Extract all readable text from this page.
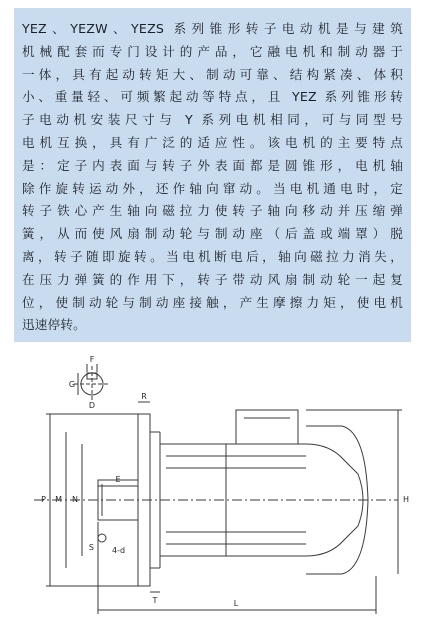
YEZ、YEZW、YEZS 系列锥形转子电动机是与建筑
机械配套而专门设计的产品，它融电机和制动器于
一体，具有起动转矩大、制动可靠、结构紧凑、体积
小、重量轻、可频繁起动等特点，且 YEZ 系列锥形转
子电动机安装尺寸与 Y 系列电机相同，可与同型号
电机互换，具有广泛的适应性。该电机的主要特点
是：定子内表面与转子外表面都是圆锥形，电机轴
除作旋转运动外，还作轴向窜动。当电机通电时，定
转子铁心产生轴向磁拉力使转子轴向移动并压缩弹
簧，从而使风扇制动轮与制动座（后盖或端罩）脱
离，转子随即旋转。当电机断电后，轴向磁拉力消失，
在压力弹簧的作用下，转子带动风扇制动轮一起复
位，使制动轮与制动座接触，产生摩擦力矩，使电机
迅速停转。
F
G
D
R
P M N
E
T
S 4-d
L
H
